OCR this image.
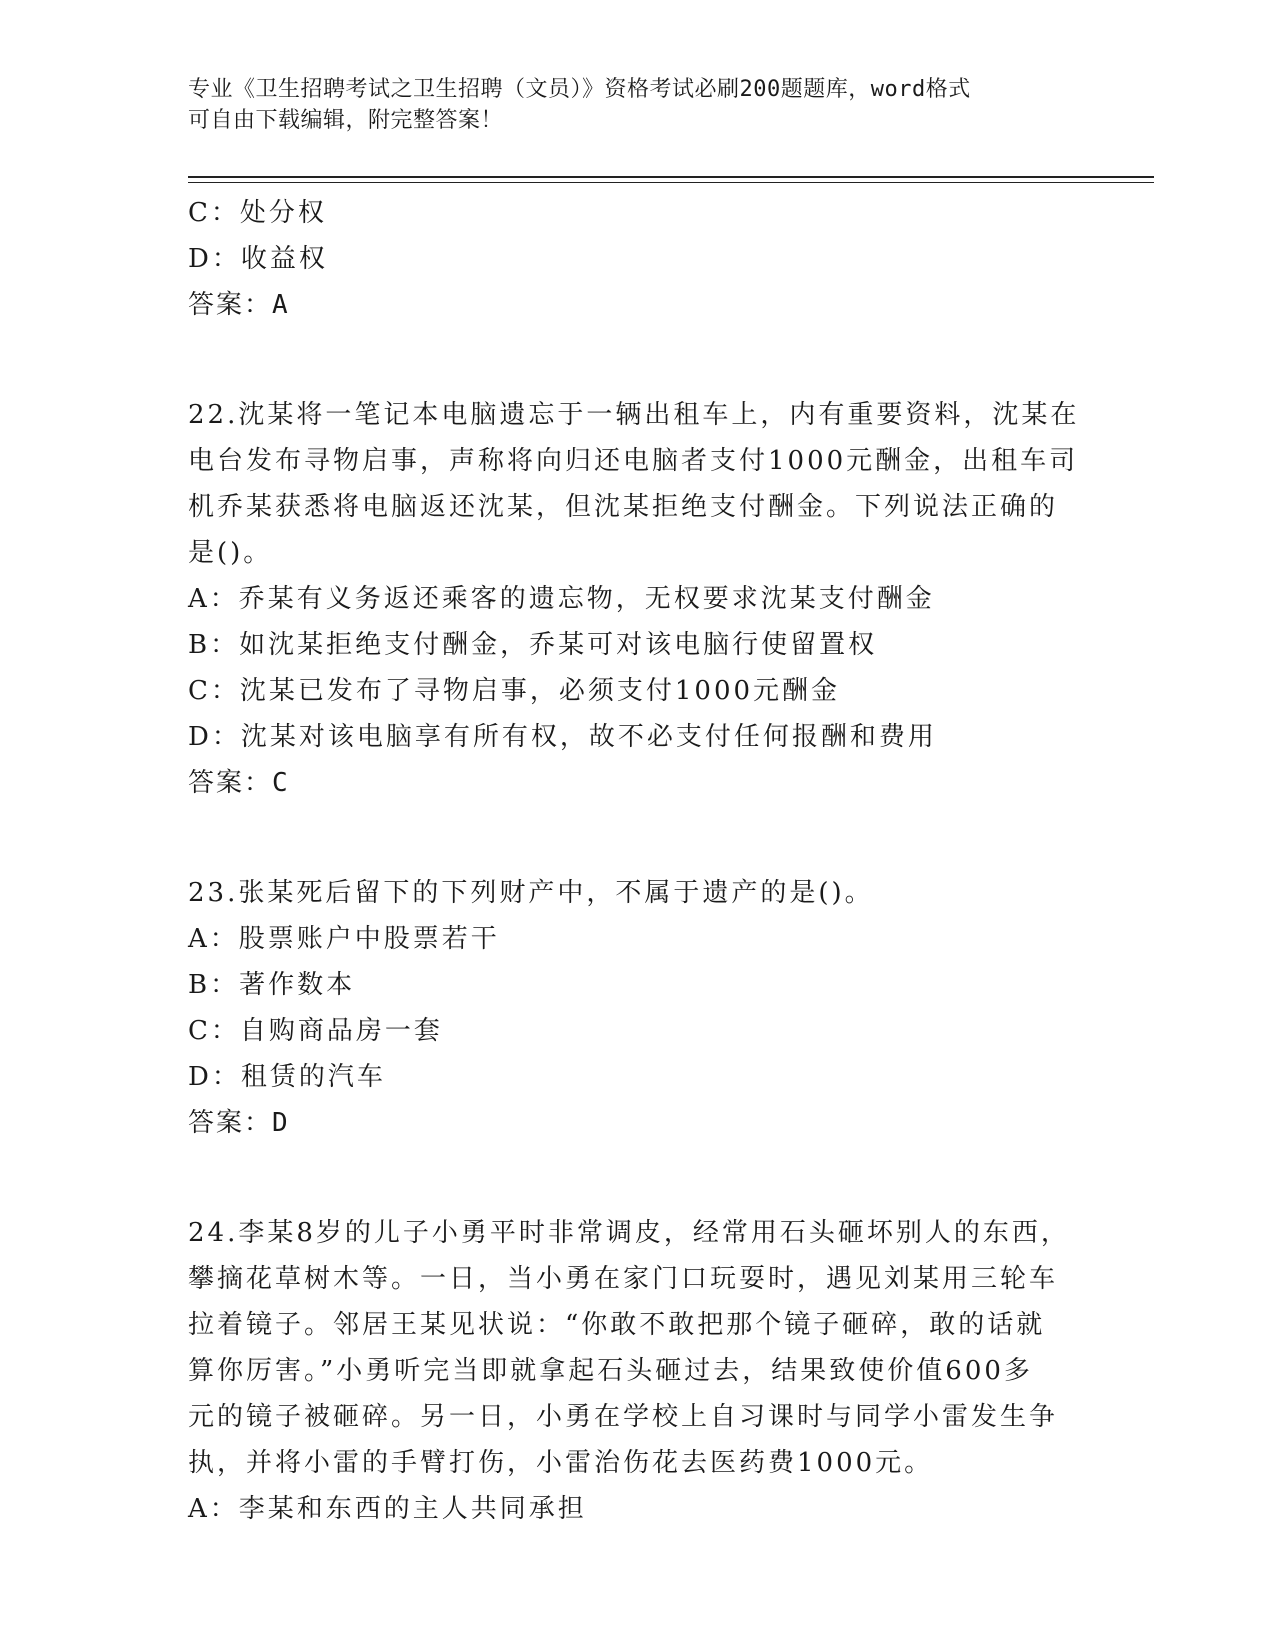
专业《卫生招聘考试之卫生招聘（文员）》资格考试必刷200题题库，word格式
可自由下载编辑，附完整答案！
C：处分权
D：收益权
答案：A
22.沈某将一笔记本电脑遗忘于一辆出租车上，内有重要资料，沈某在
电台发布寻物启事，声称将向归还电脑者支付1000元酬金，出租车司
机乔某获悉将电脑返还沈某，但沈某拒绝支付酬金。下列说法正确的
是()。
A：乔某有义务返还乘客的遗忘物，无权要求沈某支付酬金
B：如沈某拒绝支付酬金，乔某可对该电脑行使留置权
C：沈某已发布了寻物启事，必须支付1000元酬金
D：沈某对该电脑享有所有权，故不必支付任何报酬和费用
答案：C
23.张某死后留下的下列财产中，不属于遗产的是()。
A：股票账户中股票若干
B：著作数本
C：自购商品房一套
D：租赁的汽车
答案：D
24.李某8岁的儿子小勇平时非常调皮，经常用石头砸坏别人的东西，
攀摘花草树木等。一日，当小勇在家门口玩耍时，遇见刘某用三轮车
拉着镜子。邻居王某见状说：“你敢不敢把那个镜子砸碎，敢的话就
算你厉害。”小勇听完当即就拿起石头砸过去，结果致使价值600多
元的镜子被砸碎。另一日，小勇在学校上自习课时与同学小雷发生争
执，并将小雷的手臂打伤，小雷治伤花去医药费1000元。
A：李某和东西的主人共同承担
